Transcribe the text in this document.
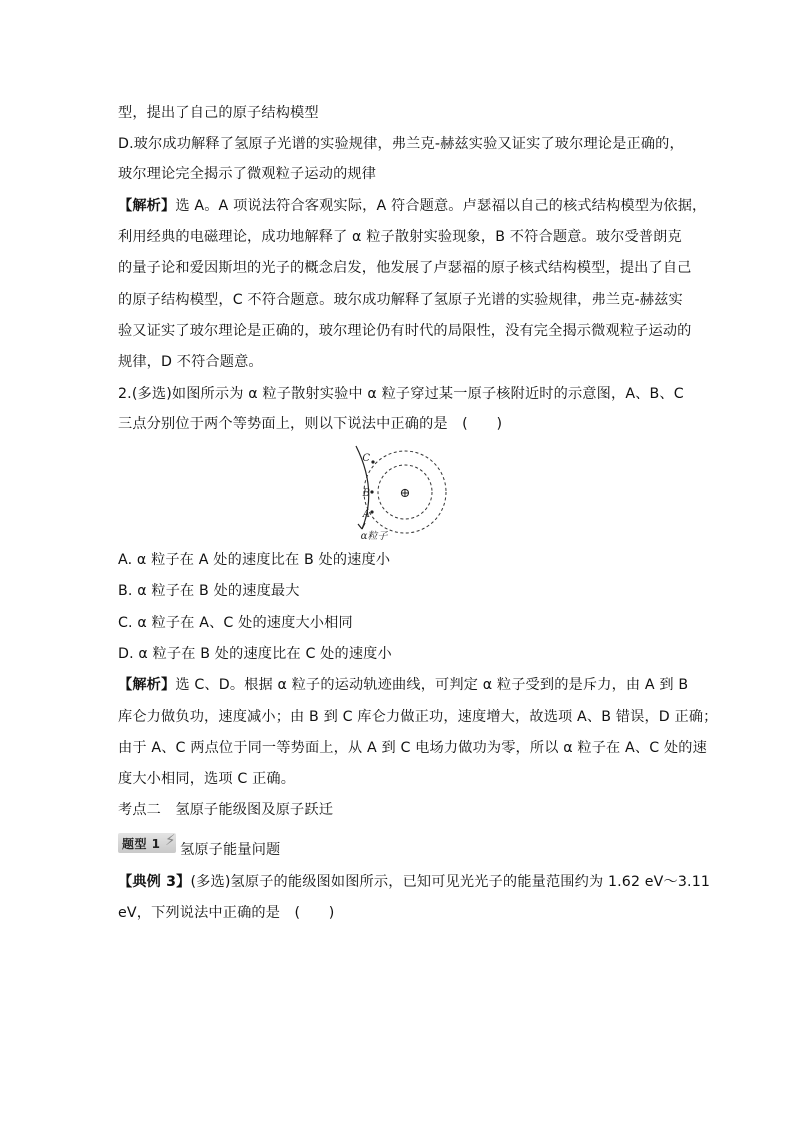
型，提出了自己的原子结构模型
D.玻尔成功解释了氢原子光谱的实验规律，弗兰克-赫兹实验又证实了玻尔理论是正确的，
玻尔理论完全揭示了微观粒子运动的规律
【解析】选 A。A 项说法符合客观实际，A 符合题意。卢瑟福以自己的核式结构模型为依据，
利用经典的电磁理论，成功地解释了 α 粒子散射实验现象，B 不符合题意。玻尔受普朗克
的量子论和爱因斯坦的光子的概念启发，他发展了卢瑟福的原子核式结构模型，提出了自己
的原子结构模型，C 不符合题意。玻尔成功解释了氢原子光谱的实验规律，弗兰克-赫兹实
验又证实了玻尔理论是正确的，玻尔理论仍有时代的局限性，没有完全揭示微观粒子运动的
规律，D 不符合题意。
2.(多选)如图所示为 α 粒子散射实验中 α 粒子穿过某一原子核附近时的示意图，A、B、C
三点分别位于两个等势面上，则以下说法中正确的是　(　　)
C
B
A
⊕
α粒子
A. α 粒子在 A 处的速度比在 B 处的速度小
B. α 粒子在 B 处的速度最大
C. α 粒子在 A、C 处的速度大小相同
D. α 粒子在 B 处的速度比在 C 处的速度小
【解析】选 C、D。根据 α 粒子的运动轨迹曲线，可判定 α 粒子受到的是斥力，由 A 到 B
库仑力做负功，速度减小；由 B 到 C 库仑力做正功，速度增大，故选项 A、B 错误，D 正确；
由于 A、C 两点位于同一等势面上，从 A 到 C 电场力做功为零，所以 α 粒子在 A、C 处的速
度大小相同，选项 C 正确。
考点二　氢原子能级图及原子跃迁
题型 1 ⚡
氢原子能量问题
【典例 3】(多选)氢原子的能级图如图所示，已知可见光光子的能量范围约为 1.62 eV～3.11
eV，下列说法中正确的是　(　　)
